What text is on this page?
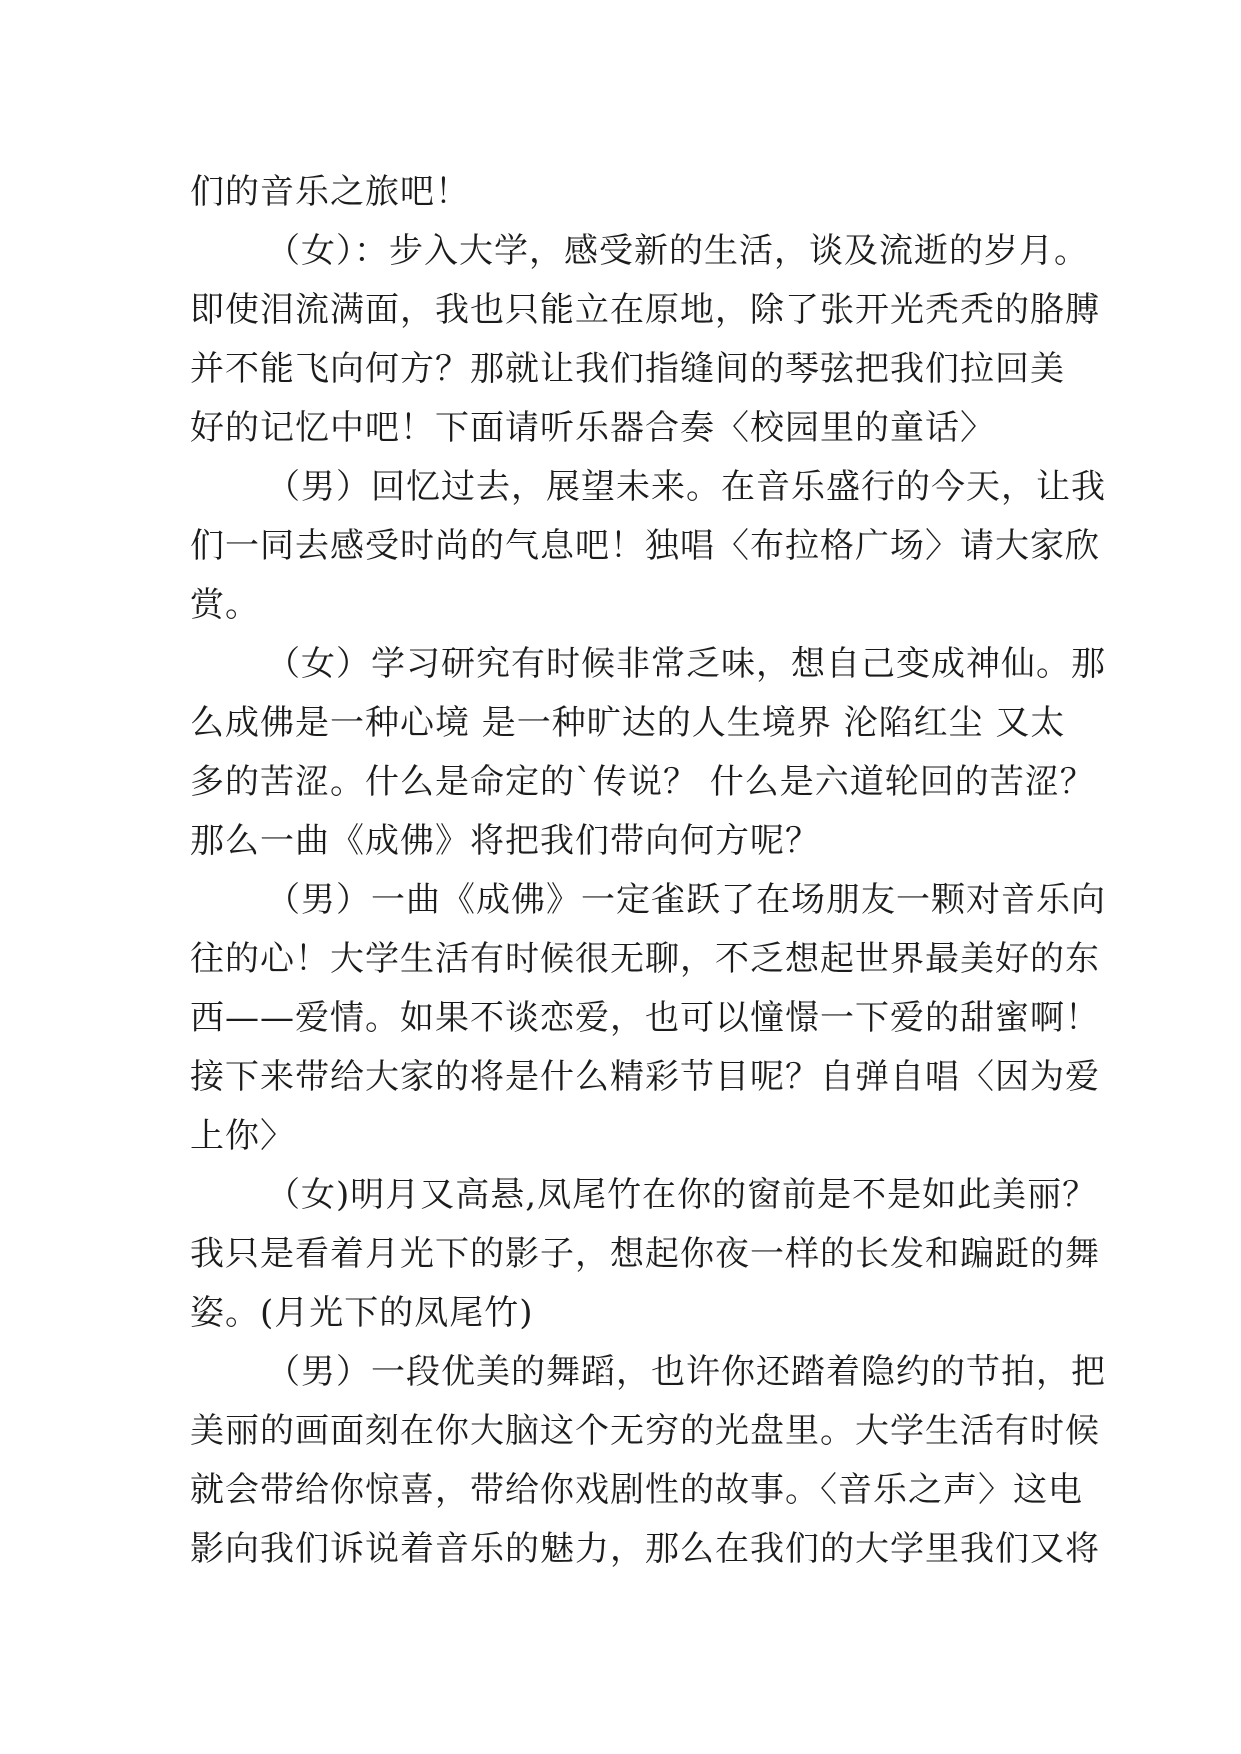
们的音乐之旅吧！
（女）：步入大学，感受新的生活，谈及流逝的岁月。
即使泪流满面，我也只能立在原地，除了张开光秃秃的胳膊
并不能飞向何方？那就让我们指缝间的琴弦把我们拉回美
好的记忆中吧！下面请听乐器合奏〈校园里的童话〉
（男）回忆过去，展望未来。在音乐盛行的今天，让我
们一同去感受时尚的气息吧！独唱〈布拉格广场〉请大家欣
赏。
（女）学习研究有时候非常乏味，想自己变成神仙。那
么成佛是一种心境 是一种旷达的人生境界 沦陷红尘 又太
多的苦涩。什么是命定的`传说？ 什么是六道轮回的苦涩？
那么一曲《成佛》将把我们带向何方呢？
（男）一曲《成佛》一定雀跃了在场朋友一颗对音乐向
往的心！大学生活有时候很无聊，不乏想起世界最美好的东
西——爱情。如果不谈恋爱，也可以憧憬一下爱的甜蜜啊！
接下来带给大家的将是什么精彩节目呢？自弹自唱〈因为爱
上你〉
（女)明月又高悬,凤尾竹在你的窗前是不是如此美丽？
我只是看着月光下的影子，想起你夜一样的长发和蹁跹的舞
姿。(月光下的凤尾竹)
（男）一段优美的舞蹈，也许你还踏着隐约的节拍，把
美丽的画面刻在你大脑这个无穷的光盘里。大学生活有时候
就会带给你惊喜，带给你戏剧性的故事。〈音乐之声〉这电
影向我们诉说着音乐的魅力，那么在我们的大学里我们又将
